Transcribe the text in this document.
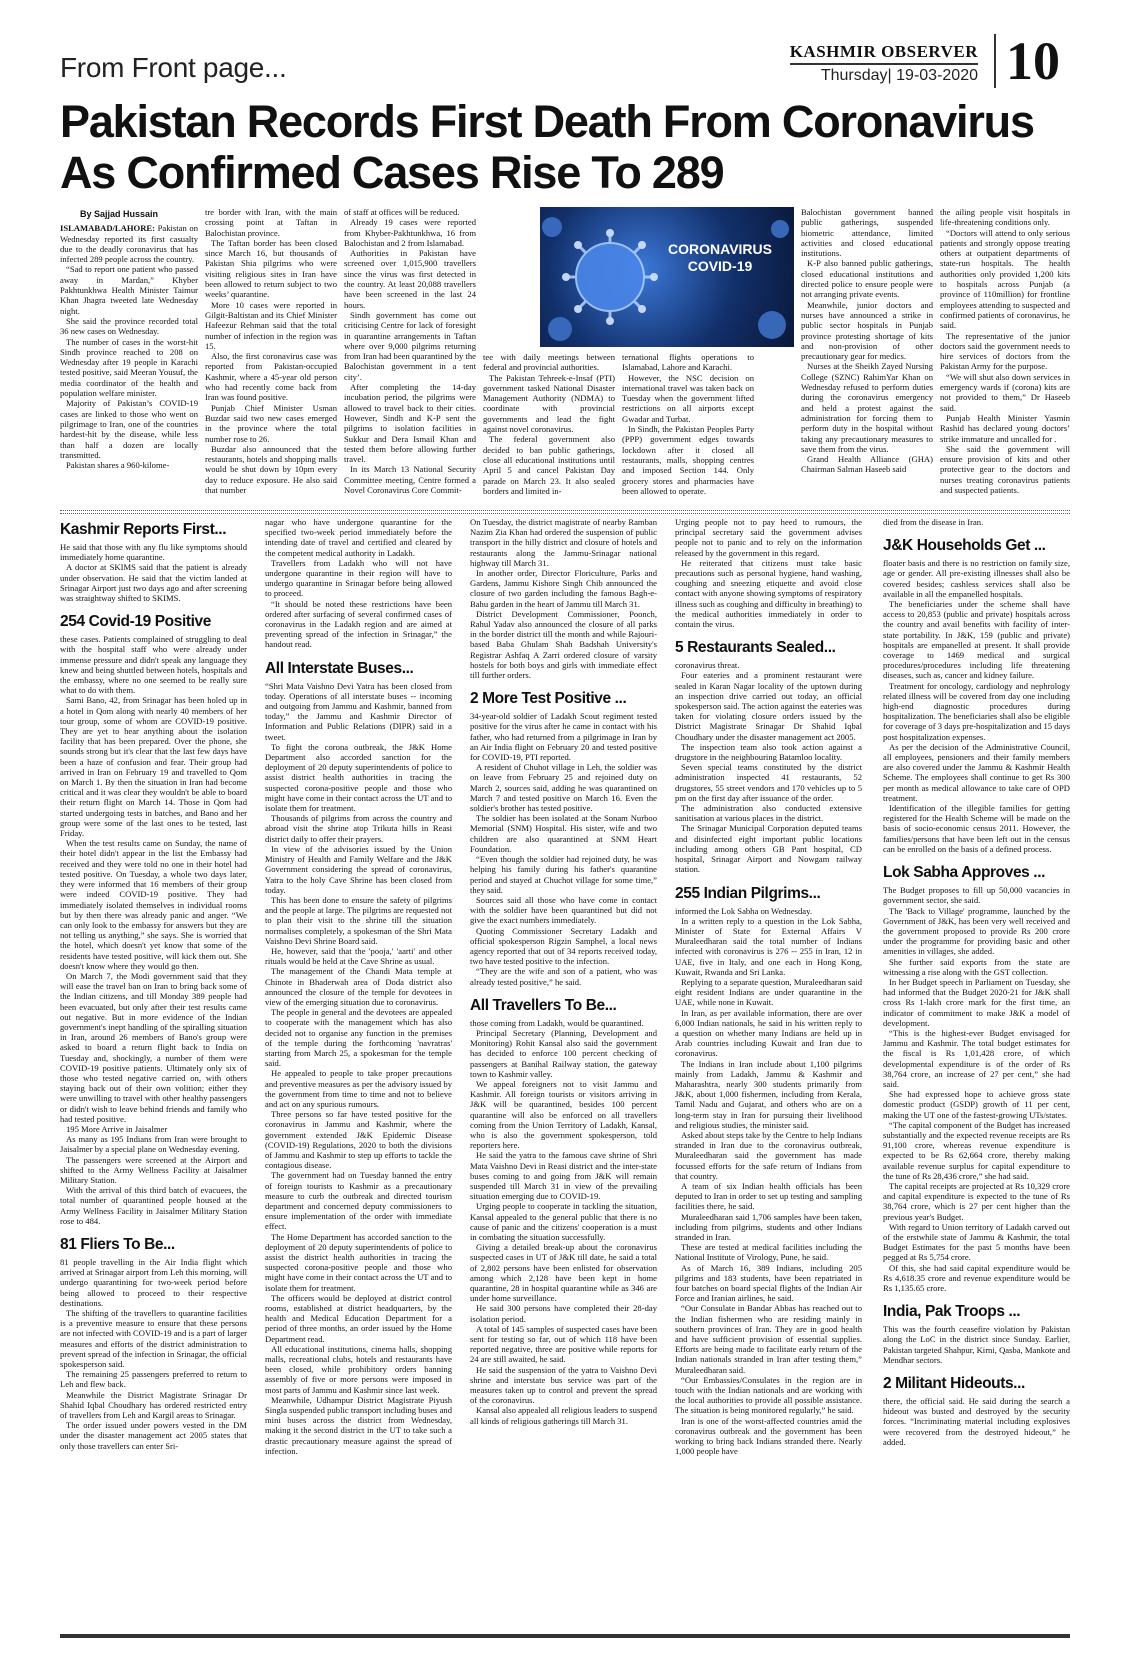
From Front page...
KASHMIR OBSERVER
Thursday| 19-03-2020 10
Pakistan Records First Death From Coronavirus As Confirmed Cases Rise To 289
By Sajjad Hussain

ISLAMABAD/LAHORE: Pakistan on Wednesday reported its first casualty due to the deadly coronavirus that has infected 289 people across the country.

“Sad to report one patient who passed away in Mardan,” Khyber Pakhtunkhwa Health Minister Taimur Khan Jhagra tweeted late Wednesday night.

She said the province recorded total 36 new cases on Wednesday.

The number of cases in the worst-hit Sindh province reached to 208 on Wednesday after 19 people in Karachi tested positive, said Meeran Yousuf, the media coordinator of the health and population welfare minister.

Majority of Pakistan’s COVID-19 cases are linked to those who went on pilgrimage to Iran, one of the countries hardest-hit by the disease, while less than half a dozen are locally transmitted.

Pakistan shares a 960-kilome-

tre border with Iran, with the main crossing point at Taftan in Balochistan province.

The Taftan border has been closed since March 16, but thousands of Pakistan Shia pilgrims who were visiting religious sites in Iran have been allowed to return subject to two weeks’ quarantine.

More 10 cases were reported in Gilgit-Baltistan and its Chief Minister Hafeezur Rehman said that the total number of infection in the region was 15.

Also, the first coronavirus case was reported from Pakistan-occupied Kashmir, where a 45-year old person who had recently come back from Iran was found positive.

Punjab Chief Minister Usman Buzdar said two new cases emerged in the province where the total number rose to 26.

Buzdar also announced that the restaurants, hotels and shopping malls would be shut down by 10pm every day to reduce exposure. He also said that number

of staff at offices will be reduced.

Already 19 cases were reported from Khyber-Pakhtunkhwa, 16 from Balochistan and 2 from Islamabad.

Authorities in Pakistan have screened over 1,015,900 travellers since the virus was first detected in the country. At least 20,088 travellers have been screened in the last 24 hours.

Sindh government has come out criticising Centre for lack of foresight in quarantine arrangements in Taftan where over 9,000 pilgrims returning from Iran had been quarantined by the Balochistan government in a tent city’.

After completing the 14-day incubation period, the pilgrims were allowed to travel back to their cities. However, Sindh and K-P sent the pilgrims to isolation facilities in Sukkur and Dera Ismail Khan and tested them before allowing further travel.

In its March 13 National Security Committee meeting, Centre formed a Novel Coronavirus Core Commit-

tee with daily meetings between federal and provincial authorities.

The Pakistan Tehreek-e-Insaf (PTI) government tasked National Disaster Management Authority (NDMA) to coordinate with provincial governments and lead the fight against novel coronavirus.

The federal government also decided to ban public gatherings, close all educational institutions until April 5 and cancel Pakistan Day parade on March 23. It also sealed borders and limited in-

ternational flights operations to Islamabad, Lahore and Karachi.

However, the NSC decision on international travel was taken back on Tuesday when the government lifted restrictions on all airports except Gwadar and Turbat.

In Sindh, the Pakistan Peoples Party (PPP) government edges towards lockdown after it closed all restaurants, malls, shopping centres and imposed Section 144. Only grocery stores and pharmacies have been allowed to operate.

Balochistan government banned public gatherings, suspended biometric attendance, limited activities and closed educational institutions.

K-P also banned public gatherings, closed educational institutions and directed police to ensure people were not arranging private events.

Meanwhile, junior doctors and nurses have announced a strike in public sector hospitals in Punjab province protesting shortage of kits and non-provision of other precautionary gear for medics.

Nurses at the Sheikh Zayed Nursing College (SZNC) RahimYar Khan on Wednesday refused to perform duties during the coronavirus emergency and held a protest against the administration for forcing them to perform duty in the hospital without taking any precautionary measures to save them from the virus.

Grand Health Alliance (GHA) Chairman Salman Haseeb said

the ailing people visit hospitals in life-threatening conditions only.

“Doctors will attend to only serious patients and strongly oppose treating others at outpatient departments of state-run hospitals. The health authorities only provided 1,200 kits to hospitals across Punjab (a province of 110million) for frontline employees attending to suspected and confirmed patients of coronavirus, he said.

The representative of the junior doctors said the government needs to hire services of doctors from the Pakistan Army for the purpose.

“We will shut also down services in emergency wards if (corona) kits are not provided to them,” Dr Haseeb said.

Punjab Health Minister Yasmin Rashid has declared young doctors’ strike immature and uncalled for .

She said the government will ensure provision of kits and other protective gear to the doctors and nurses treating coronavirus patients and suspected patients.

CORONAVIRUS COVID-19
Kashmir Reports First...

He said that those with any flu like symptoms should immediately home quarantine.

A doctor at SKIMS said that the patient is already under observation. He said that the victim landed at Srinagar Airport just two days ago and after screening was straightway shifted to SKIMS.

254 Covid-19 Positive

these cases. Patients complained of struggling to deal with the hospital staff who were already under immense pressure and didn't speak any language they knew and being shuttled between hotels, hospitals and the embassy, where no one seemed to be really sure what to do with them.

Sami Bano, 42, from Srinagar has been holed up in a hotel in Qom along with nearly 40 members of her tour group, some of whom are COVID-19 positive. They are yet to hear anything about the isolation facility that has been prepared. Over the phone, she sounds strong but it's clear that the last few days have been a haze of confusion and fear. Their group had arrived in Iran on February 19 and travelled to Qom on March 1. By then the situation in Iran had become critical and it was clear they wouldn't be able to board their return flight on March 14. Those in Qom had started undergoing tests in batches, and Bano and her group were some of the last ones to be tested, last Friday.

When the test results came on Sunday, the name of their hotel didn't appear in the list the Embassy had received and they were told no one in their hotel had tested positive. On Tuesday, a whole two days later, they were informed that 16 members of their group were indeed COVID-19 positive. They had immediately isolated themselves in individual rooms but by then there was already panic and anger. “We can only look to the embassy for answers but they are not telling us anything,” she says. She is worried that the hotel, which doesn't yet know that some of the residents have tested positive, will kick them out. She doesn't know where they would go then.

On March 7, the Modi government said that they will ease the travel ban on Iran to bring back some of the Indian citizens, and till Monday 389 people had been evacuated, but only after their test results came out negative. But in more evidence of the Indian government's inept handling of the spiralling situation in Iran, around 26 members of Bano's group were asked to board a return flight back to India on Tuesday and, shockingly, a number of them were COVID-19 positive patients. Ultimately only six of those who tested negative carried on, with others staying back out of their own volition; either they were unwilling to travel with other healthy passengers or didn't wish to leave behind friends and family who had tested positive.

195 More Arrive in Jaisalmer

As many as 195 Indians from Iran were brought to Jaisalmer by a special plane on Wednesday evening.

The passengers were screened at the Airport and shifted to the Army Wellness Facility at Jaisalmer Military Station.

With the arrival of this third batch of evacuees, the total number of quarantined people housed at the Army Wellness Facility in Jaisalmer Military Station rose to 484.

81 Fliers To Be...

81 people travelling in the Air India flight which arrived at Srinagar airport from Leh this morning, will undergo quarantining for two-week period before being allowed to proceed to their respective destinations.

The shifting of the travellers to quarantine facilities is a preventive measure to ensure that these persons are not infected with COVID-19 and is a part of larger measures and efforts of the district administration to prevent spread of the infection in Srinagar, the official spokesperson said.

The remaining 25 passengers preferred to return to Leh and flew back.

Meanwhile the District Magistrate Srinagar Dr Shahid Iqbal Choudhary has ordered restricted entry of travellers from Leh and Kargil areas to Srinagar.

The order issued under powers vested in the DM under the disaster management act 2005 states that only those travellers can enter Sri-

nagar who have undergone quarantine for the specified two-week period immediately before the intending date of travel and certified and cleared by the competent medical authority in Ladakh.

Travellers from Ladakh who will not have undergone quarantine in their region will have to undergo quarantine in Srinagar before being allowed to proceed.

“It should be noted these restrictions have been ordered after surfacing of several confirmed cases of coronavirus in the Ladakh region and are aimed at preventing spread of the infection in Srinagar,” the handout read.

All Interstate Buses...

“Shri Mata Vaishno Devi Yatra has been closed from today. Operations of all interstate buses -- incoming and outgoing from Jammu and Kashmir, banned from today,” the Jammu and Kashmir Director of Information and Public Relations (DIPR) said in a tweet.

To fight the corona outbreak, the J&K Home Department also accorded sanction for the deployment of 20 deputy superintendents of police to assist district health authorities in tracing the suspected corona-positive people and those who might have come in their contact across the UT and to isolate them for treatment.

Thousands of pilgrims from across the country and abroad visit the shrine atop Trikuta hills in Reasi district daily to offer their prayers.

In view of the advisories issued by the Union Ministry of Health and Family Welfare and the J&K Government considering the spread of coronavirus, Yatra to the holy Cave Shrine has been closed from today.

This has been done to ensure the safety of pilgrims and the people at large. The pilgrims are requested not to plan their visit to the shrine till the situation normalises completely, a spokesman of the Shri Mata Vaishno Devi Shrine Board said.

He, however, said that the 'pooja,' 'aarti' and other rituals would be held at the Cave Shrine as usual.

The management of the Chandi Mata temple at Chinote in Bhaderwah area of Doda district also announced the closure of the temple for devotees in view of the emerging situation due to coronavirus.

The people in general and the devotees are appealed to cooperate with the management which has also decided not to organise any function in the premises of the temple during the forthcoming 'navratras' starting from March 25, a spokesman for the temple said.

He appealed to people to take proper precautions and preventive measures as per the advisory issued by the government from time to time and not to believe and act on any spurious rumours.

Three persons so far have tested positive for the coronavirus in Jammu and Kashmir, where the government extended J&K Epidemic Disease (COVID-19) Regulations, 2020 to both the divisions of Jammu and Kashmir to step up efforts to tackle the contagious disease.

The government had on Tuesday banned the entry of foreign tourists to Kashmir as a precautionary measure to curb the outbreak and directed tourism department and concerned deputy commissioners to ensure implementation of the order with immediate effect.

The Home Department has accorded sanction to the deployment of 20 deputy superintendents of police to assist the district health authorities in tracing the suspected corona-positive people and those who might have come in their contact across the UT and to isolate them for treatment.

The officers would be deployed at district control rooms, established at district headquarters, by the health and Medical Education Department for a period of three months, an order issued by the Home Department read.

All educational institutions, cinema halls, shopping malls, recreational clubs, hotels and restaurants have been closed, while prohibitory orders banning assembly of five or more persons were imposed in most parts of Jammu and Kashmir since last week.

Meanwhile, Udhampur District Magistrate Piyush Singla suspended public transport including buses and mini buses across the district from Wednesday, making it the second district in the UT to take such a drastic precautionary measure against the spread of infection.

On Tuesday, the district magistrate of nearby Ramban Nazim Zia Khan had ordered the suspension of public transport in the hilly district and closure of hotels and restaurants along the Jammu-Srinagar national highway till March 31.

In another order, Director Floriculture, Parks and Gardens, Jammu Kishore Singh Chib announced the closure of two garden including the famous Bagh-e-Bahu garden in the heart of Jammu till March 31.

District Development Commissioner, Poonch, Rahul Yadav also announced the closure of all parks in the border district till the month and while Rajouri-based Baba Ghulam Shah Badshah University's Registrar Ashfaq A Zarri ordered closure of varsity hostels for both boys and girls with immediate effect till further orders.

2 More Test Positive ...

34-year-old soldier of Ladakh Scout regiment tested positive for the virus after he came in contact with his father, who had returned from a pilgrimage in Iran by an Air India flight on February 20 and tested positive for COVID-19, PTI reported.

A resident of Chuhot village in Leh, the soldier was on leave from February 25 and rejoined duty on March 2, sources said, adding he was quarantined on March 7 and tested positive on March 16. Even the soldier's brother has tested positive.

The soldier has been isolated at the Sonam Nurboo Memorial (SNM) Hospital. His sister, wife and two children are also quarantined at SNM Heart Foundation.

“Even though the soldier had rejoined duty, he was helping his family during his father's quarantine period and stayed at Chuchot village for some time,” they said.

Sources said all those who have come in contact with the soldier have been quarantined but did not give the exact numbers immediately.

Quoting Commissioner Secretary Ladakh and official spokesperson Rigzin Samphel, a local news agency reported that out of 34 reports received today, two have tested positive to the infection.

“They are the wife and son of a patient, who was already tested positive,” he said.

All Travellers To Be...

those coming from Ladakh, would be quarantined.

Principal Secretary (Planning, Development and Monitoring) Rohit Kansal also said the government has decided to enforce 100 percent checking of passengers at Banihal Railway station, the gateway town to Kashmir valley.

We appeal foreigners not to visit Jammu and Kashmir. All foreign tourists or visitors arriving in J&K will be quarantined, besides 100 percent quarantine will also be enforced on all travellers coming from the Union Territory of Ladakh, Kansal, who is also the government spokesperson, told reporters here.

He said the yatra to the famous cave shrine of Shri Mata Vaishno Devi in Reasi district and the inter-state buses coming to and going from J&K will remain suspended till March 31 in view of the prevailing situation emerging due to COVID-19.

Urging people to cooperate in tackling the situation, Kansal appealed to the general public that there is no cause of panic and the citizens' cooperation is a must in combating the situation successfully.

Giving a detailed break-up about the coronavirus suspected cases in UT of J&K till date, he said a total of 2,802 persons have been enlisted for observation among which 2,128 have been kept in home quarantine, 28 in hospital quarantine while as 346 are under home surveillance.

He said 300 persons have completed their 28-day isolation period.

A total of 145 samples of suspected cases have been sent for testing so far, out of which 118 have been reported negative, three are positive while reports for 24 are still awaited, he said.

He said the suspension of the yatra to Vaishno Devi shrine and interstate bus service was part of the measures taken up to control and prevent the spread of the coronavirus.

Kansal also appealed all religious leaders to suspend all kinds of religious gatherings till March 31.

Urging people not to pay heed to rumours, the principal secretary said the government advises people not to panic and to rely on the information released by the government in this regard.

He reiterated that citizens must take basic precautions such as personal hygiene, hand washing, coughing and sneezing etiquette and avoid close contact with anyone showing symptoms of respiratory illness such as coughing and difficulty in breathing) to the medical authorities immediately in order to contain the virus.

5 Restaurants Sealed...

coronavirus threat.

Four eateries and a prominent restaurant were sealed in Karan Nagar locality of the uptown during an inspection drive carried out today, an official spokesperson said. The action against the eateries was taken for violating closure orders issued by the District Magistrate Srinagar Dr Shahid Iqbal Choudhary under the disaster management act 2005.

The inspection team also took action against a drugstore in the neighbouring Batamloo locality.

Seven special teams constituted by the district administration inspected 41 restaurants, 52 drugstores, 55 street vendors and 170 vehicles up to 5 pm on the first day after issuance of the order.

The administration also conducted extensive sanitisation at various places in the district.

The Srinagar Municipal Corporation deputed teams and disinfected eight important public locations including among others GB Pant hospital, CD hospital, Srinagar Airport and Nowgam railway station.

255 Indian Pilgrims...

informed the Lok Sabha on Wednesday.

In a written reply to a question in the Lok Sabha, Minister of State for External Affairs V Muraleedharan said the total number of Indians infected with coronavirus is 276 -- 255 in Iran, 12 in UAE, five in Italy, and one each in Hong Kong, Kuwait, Rwanda and Sri Lanka.

Replying to a separate question, Muraleedharan said eight resident Indians are under quarantine in the UAE, while none in Kuwait.

In Iran, as per available information, there are over 6,000 Indian nationals, he said in his written reply to a question on whether many Indians are held up in Arab countries including Kuwait and Iran due to coronavirus.

The Indians in Iran include about 1,100 pilgrims mainly from Ladakh, Jammu & Kashmir and Maharashtra, nearly 300 students primarily from J&K, about 1,000 fishermen, including from Kerala, Tamil Nadu and Gujarat, and others who are on a long-term stay in Iran for pursuing their livelihood and religious studies, the minister said.

Asked about steps take by the Centre to help Indians stranded in Iran due to the coronavirus outbreak, Muraleedharan said the government has made focussed efforts for the safe return of Indians from that country.

A team of six Indian health officials has been deputed to Iran in order to set up testing and sampling facilities there, he said.

Muraleedharan said 1,706 samples have been taken, including from pilgrims, students and other Indians stranded in Iran.

These are tested at medical facilities including the National Institute of Virology, Pune, he said.

As of March 16, 389 Indians, including 205 pilgrims and 183 students, have been repatriated in four batches on board special flights of the Indian Air Force and Iranian airlines, he said.

“Our Consulate in Bandar Abbas has reached out to the Indian fishermen who are residing mainly in southern provinces of Iran. They are in good health and have sufficient provision of essential supplies. Efforts are being made to facilitate early return of the Indian nationals stranded in Iran after testing them,” Muraleedharan said.

“Our Embassies/Consulates in the region are in touch with the Indian nationals and are working with the local authorities to provide all possible assistance. The situation is being monitored regularly,” he said.

Iran is one of the worst-affected countries amid the coronavirus outbreak and the government has been working to bring back Indians stranded there. Nearly 1,000 people have

died from the disease in Iran.

J&K Households Get ...

floater basis and there is no restriction on family size, age or gender. All pre-existing illnesses shall also be covered besides; cashless services shall also be available in all the empanelled hospitals.

The beneficiaries under the scheme shall have access to 20,853 (public and private) hospitals across the country and avail benefits with facility of inter-state portability. In J&K, 159 (public and private) hospitals are empanelled at present. It shall provide coverage to 1469 medical and surgical procedures/procedures including life threatening diseases, such as, cancer and kidney failure.

Treatment for oncology, cardiology and nephrology related illness will be covered from day one including high-end diagnostic procedures during hospitalization. The beneficiaries shall also be eligible for coverage of 3 days pre-hospitalization and 15 days post hospitalization expenses.

As per the decision of the Administrative Council, all employees, pensioners and their family members are also covered under the Jammu & Kashmir Health Scheme. The employees shall continue to get Rs 300 per month as medical allowance to take care of OPD treatment.

Identification of the illegible families for getting registered for the Health Scheme will be made on the basis of socio-economic census 2011. However, the families/persons that have been left out in the census can be enrolled on the basis of a defined process.

Lok Sabha Approves ...

The Budget proposes to fill up 50,000 vacancies in government sector, she said.

The 'Back to Village' programme, launched by the Government of J&K, has been very well received and the government proposed to provide Rs 200 crore under the programme for providing basic and other amenities in villages, she added.

She further said exports from the state are witnessing a rise along with the GST collection.

In her Budget speech in Parliament on Tuesday, she had informed that the Budget 2020-21 for J&K shall cross Rs 1-lakh crore mark for the first time, an indicator of commitment to make J&K a model of development.

“This is the highest-ever Budget envisaged for Jammu and Kashmir. The total budget estimates for the fiscal is Rs 1,01,428 crore, of which developmental expenditure is of the order of Rs 38,764 crore, an increase of 27 per cent,” she had said.

She had expressed hope to achieve gross state domestic product (GSDP) growth of 11 per cent, making the UT one of the fastest-growing UTs/states.

“The capital component of the Budget has increased substantially and the expected revenue receipts are Rs 91,100 crore, whereas revenue expenditure is expected to be Rs 62,664 crore, thereby making available revenue surplus for capital expenditure to the tune of Rs 28,436 crore,” she had said.

The capital receipts are projected at Rs 10,329 crore and capital expenditure is expected to the tune of Rs 38,764 crore, which is 27 per cent higher than the previous year's Budget.

With regard to Union territory of Ladakh carved out of the erstwhile state of Jammu & Kashmir, the total Budget Estimates for the past 5 months have been pegged at Rs 5,754 crore.

Of this, she had said capital expenditure would be Rs 4,618.35 crore and revenue expenditure would be Rs 1,135.65 crore.

India, Pak Troops ...

This was the fourth ceasefire violation by Pakistan along the LoC in the district since Sunday. Earlier, Pakistan targeted Shahpur, Kirni, Qasba, Mankote and Mendhar sectors.

2 Militant Hideouts...

there, the official said. He said during the search a hideout was busted and destroyed by the security forces. “Incriminating material including explosives were recovered from the destroyed hideout,” he added.
